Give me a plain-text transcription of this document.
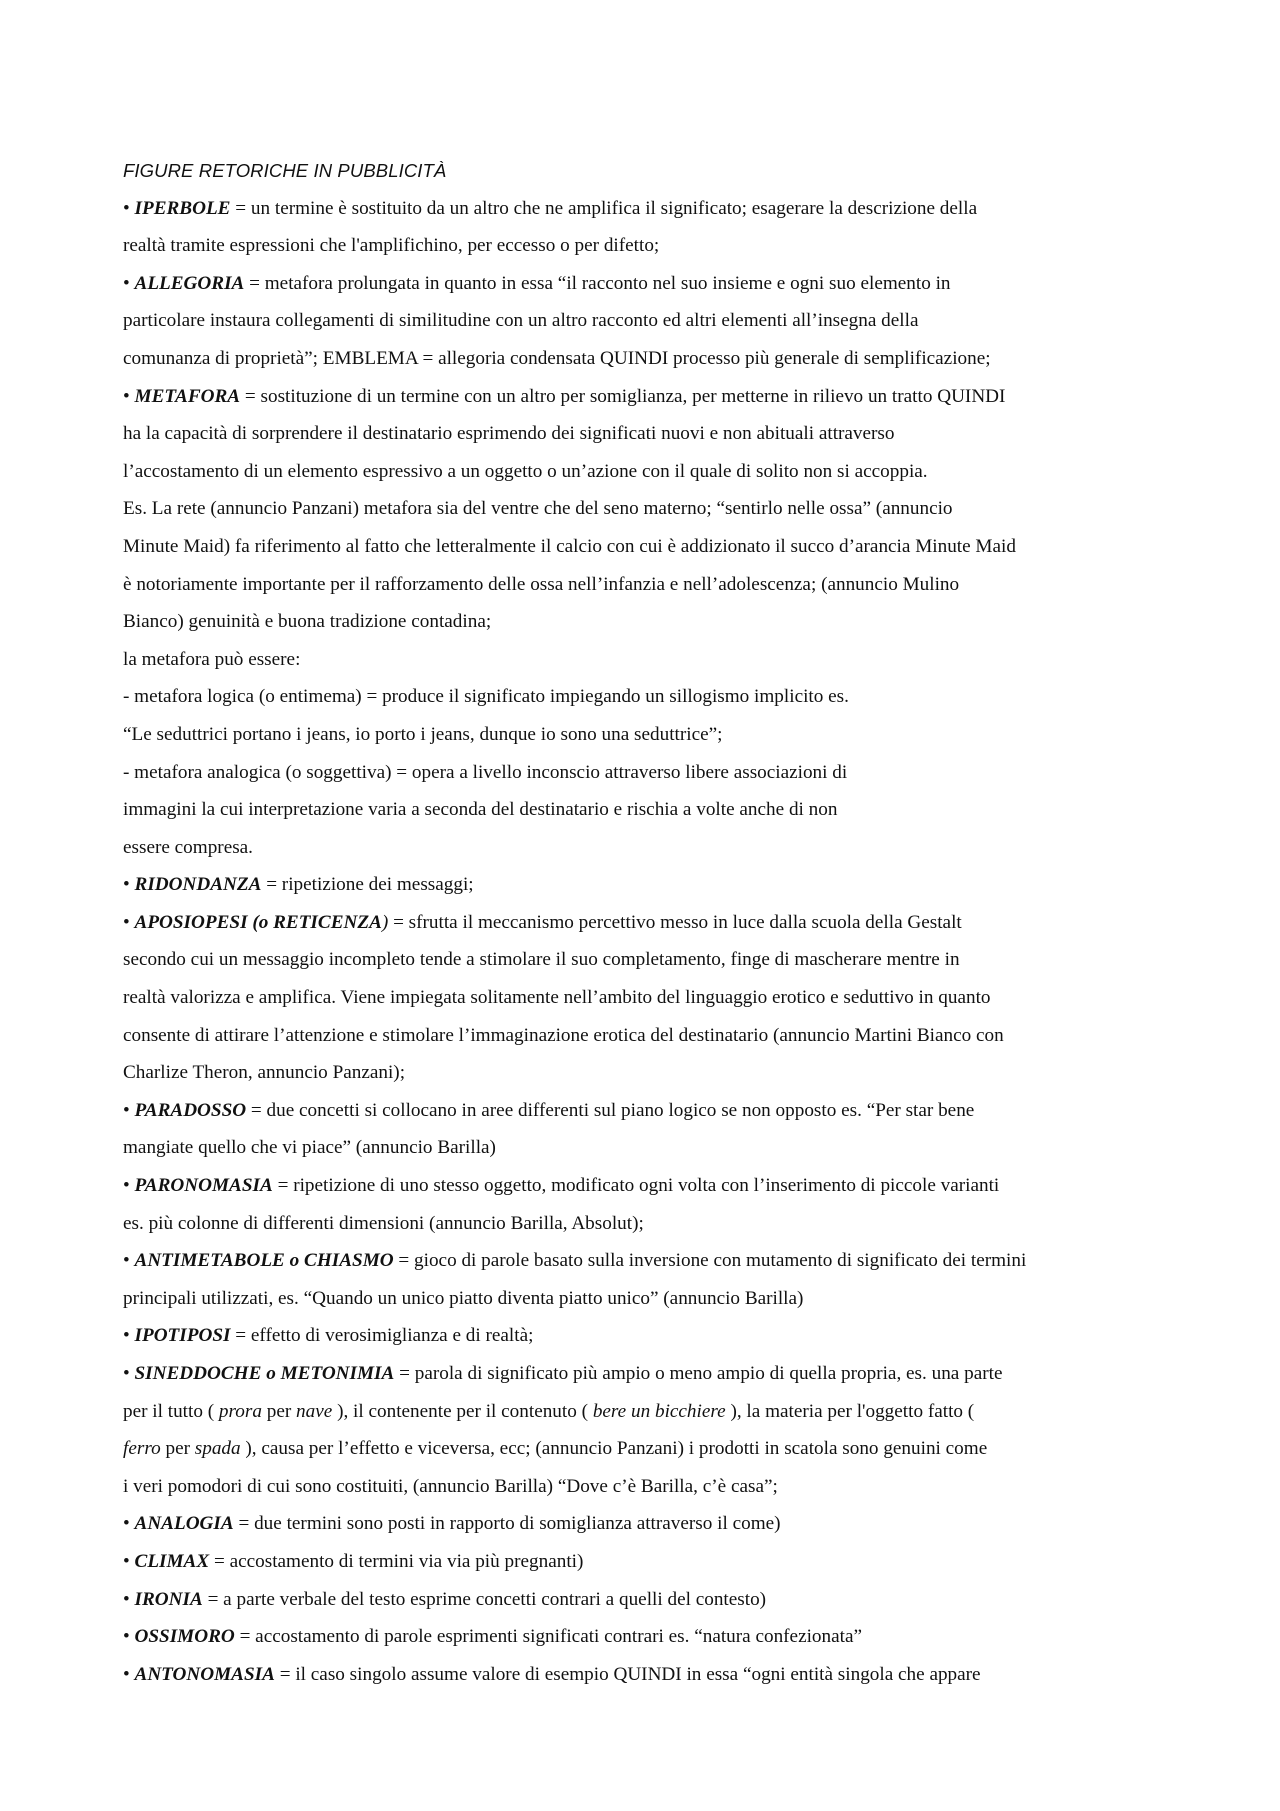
FIGURE RETORICHE IN PUBBLICITÀ
• IPERBOLE = un termine è sostituito da un altro che ne amplifica il significato; esagerare la descrizione della
realtà tramite espressioni che l'amplifichino, per eccesso o per difetto;
• ALLEGORIA = metafora prolungata in quanto in essa “il racconto nel suo insieme e ogni suo elemento in
particolare instaura collegamenti di similitudine con un altro racconto ed altri elementi all’insegna della
comunanza di proprietà”; EMBLEMA = allegoria condensata QUINDI processo più generale di semplificazione;
• METAFORA = sostituzione di un termine con un altro per somiglianza, per metterne in rilievo un tratto QUINDI
ha la capacità di sorprendere il destinatario esprimendo dei significati nuovi e non abituali attraverso
l’accostamento di un elemento espressivo a un oggetto o un’azione con il quale di solito non si accoppia.
Es. La rete (annuncio Panzani) metafora sia del ventre che del seno materno; “sentirlo nelle ossa” (annuncio
Minute Maid) fa riferimento al fatto che letteralmente il calcio con cui è addizionato il succo d’arancia Minute Maid
è notoriamente importante per il rafforzamento delle ossa nell’infanzia e nell’adolescenza; (annuncio Mulino
Bianco) genuinità e buona tradizione contadina;
la metafora può essere:
- metafora logica (o entimema) = produce il significato impiegando un sillogismo implicito es.
“Le seduttrici portano i jeans, io porto i jeans, dunque io sono una seduttrice”;
- metafora analogica (o soggettiva) = opera a livello inconscio attraverso libere associazioni di
immagini la cui interpretazione varia a seconda del destinatario e rischia a volte anche di non
essere compresa.
• RIDONDANZA = ripetizione dei messaggi;
• APOSIOPESI (o RETICENZA) = sfrutta il meccanismo percettivo messo in luce dalla scuola della Gestalt
secondo cui un messaggio incompleto tende a stimolare il suo completamento, finge di mascherare mentre in
realtà valorizza e amplifica. Viene impiegata solitamente nell’ambito del linguaggio erotico e seduttivo in quanto
consente di attirare l’attenzione e stimolare l’immaginazione erotica del destinatario (annuncio Martini Bianco con
Charlize Theron, annuncio Panzani);
• PARADOSSO = due concetti si collocano in aree differenti sul piano logico se non opposto es. “Per star bene
mangiate quello che vi piace” (annuncio Barilla)
• PARONOMASIA = ripetizione di uno stesso oggetto, modificato ogni volta con l’inserimento di piccole varianti
es. più colonne di differenti dimensioni (annuncio Barilla, Absolut);
• ANTIMETABOLE o CHIASMO = gioco di parole basato sulla inversione con mutamento di significato dei termini
principali utilizzati, es. “Quando un unico piatto diventa piatto unico” (annuncio Barilla)
• IPOTIPOSI = effetto di verosimiglianza e di realtà;
• SINEDDOCHE o METONIMIA = parola di significato più ampio o meno ampio di quella propria, es. una parte
per il tutto ( prora per nave ), il contenente per il contenuto ( bere un bicchiere ), la materia per l'oggetto fatto (
ferro per spada ), causa per l’effetto e viceversa, ecc; (annuncio Panzani) i prodotti in scatola sono genuini come
i veri pomodori di cui sono costituiti, (annuncio Barilla) “Dove c’è Barilla, c’è casa”;
• ANALOGIA = due termini sono posti in rapporto di somiglianza attraverso il come)
• CLIMAX = accostamento di termini via via più pregnanti)
• IRONIA = a parte verbale del testo esprime concetti contrari a quelli del contesto)
• OSSIMORO = accostamento di parole esprimenti significati contrari es. “natura confezionata”
• ANTONOMASIA = il caso singolo assume valore di esempio QUINDI in essa “ogni entità singola che appare
